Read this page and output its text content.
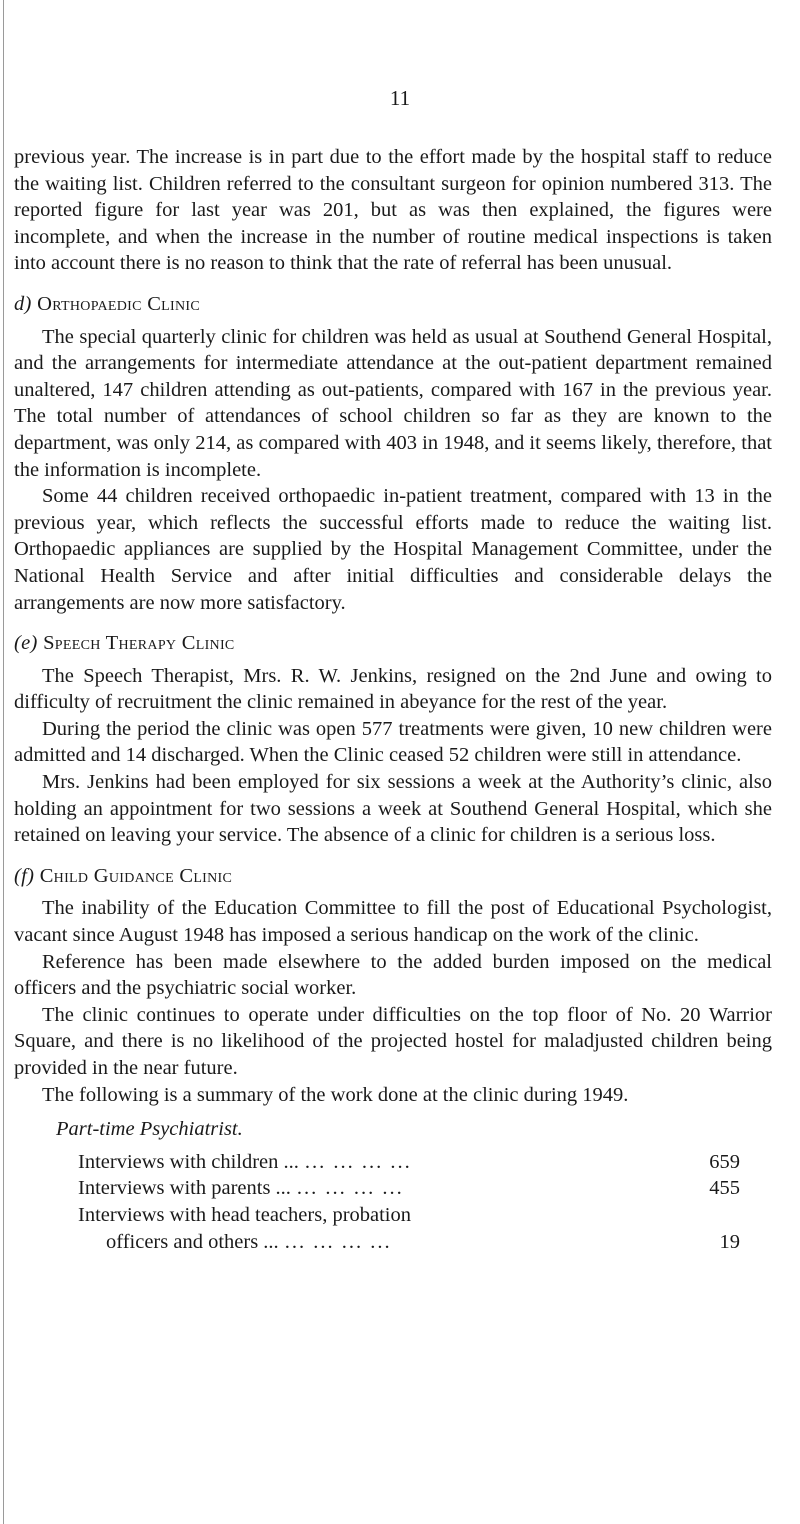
11

previous year. The increase is in part due to the effort made by the hospital staff to reduce the waiting list. Children referred to the consultant surgeon for opinion numbered 313. The reported figure for last year was 201, but as was then explained, the figures were incomplete, and when the increase in the number of routine medical inspections is taken into account there is no reason to think that the rate of referral has been unusual.

d) Orthopaedic Clinic

The special quarterly clinic for children was held as usual at Southend General Hospital, and the arrangements for intermediate attendance at the out-patient department remained unaltered, 147 children attending as out-patients, compared with 167 in the previous year. The total number of attendances of school children so far as they are known to the department, was only 214, as compared with 403 in 1948, and it seems likely, therefore, that the information is incomplete.

Some 44 children received orthopaedic in-patient treatment, compared with 13 in the previous year, which reflects the successful efforts made to reduce the waiting list. Orthopaedic appliances are supplied by the Hospital Management Committee, under the National Health Service and after initial difficulties and considerable delays the arrangements are now more satisfactory.

(e) Speech Therapy Clinic

The Speech Therapist, Mrs. R. W. Jenkins, resigned on the 2nd June and owing to difficulty of recruitment the clinic remained in abeyance for the rest of the year.

During the period the clinic was open 577 treatments were given, 10 new children were admitted and 14 discharged. When the Clinic ceased 52 children were still in attendance.

Mrs. Jenkins had been employed for six sessions a week at the Authority’s clinic, also holding an appointment for two sessions a week at Southend General Hospital, which she retained on leaving your service. The absence of a clinic for children is a serious loss.

(f) Child Guidance Clinic

The inability of the Education Committee to fill the post of Educational Psychologist, vacant since August 1948 has imposed a serious handicap on the work of the clinic.

Reference has been made elsewhere to the added burden imposed on the medical officers and the psychiatric social worker.

The clinic continues to operate under difficulties on the top floor of No. 20 Warrior Square, and there is no likelihood of the projected hostel for maladjusted children being provided in the near future.

The following is a summary of the work done at the clinic during 1949.

Part-time Psychiatrist.
Interviews with children ... ... ... ... ...	659
Interviews with parents ... ... ... ... ...	455
Interviews with head teachers, probation
officers and others ... ... ... ... ...	19
